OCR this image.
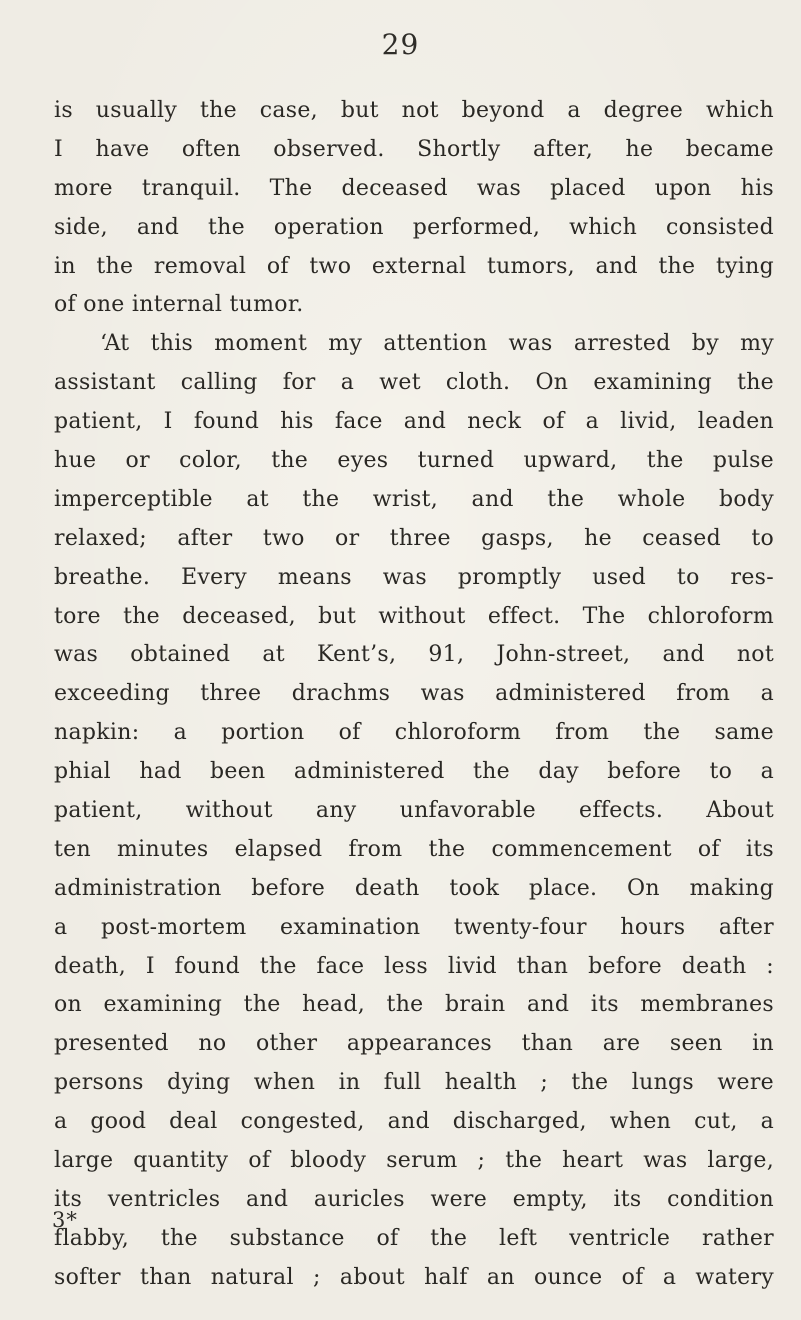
29
is usually the case, but not beyond a degree which
I have often observed. Shortly after, he became
more tranquil. The deceased was placed upon his
side, and the operation performed, which consisted
in the removal of two external tumors, and the tying
of one internal tumor.
‘At this moment my attention was arrested by my
assistant calling for a wet cloth. On examining the
patient, I found his face and neck of a livid, leaden
hue or color, the eyes turned upward, the pulse
imperceptible at the wrist, and the whole body
relaxed; after two or three gasps, he ceased to
breathe. Every means was promptly used to res-
tore the deceased, but without effect. The chloroform
was obtained at Kent’s, 91, John-street, and not
exceeding three drachms was administered from a
napkin: a portion of chloroform from the same
phial had been administered the day before to a
patient, without any unfavorable effects. About
ten minutes elapsed from the commencement of its
administration before death took place. On making
a post-mortem examination twenty-four hours after
death, I found the face less livid than before death :
on examining the head, the brain and its membranes
presented no other appearances than are seen in
persons dying when in full health ; the lungs were
a good deal congested, and discharged, when cut, a
large quantity of bloody serum ; the heart was large,
its ventricles and auricles were empty, its condition
flabby, the substance of the left ventricle rather
softer than natural ; about half an ounce of a watery
3*
